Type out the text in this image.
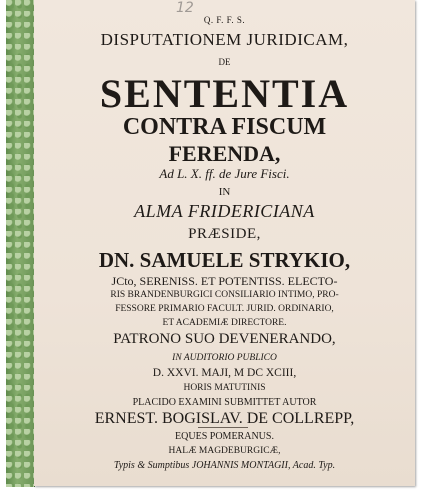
12
Q. F. F. S.
DISPUTATIONEM JURIDICAM,
DE
SENTENTIA
CONTRA FISCUM
FERENDA,
Ad L. X. ff. de Jure Fisci.
IN
ALMA FRIDERICIANA
PRÆSIDE,
DN. SAMUELE STRYKIO,
JCto, SERENISS. ET POTENTISS. ELECTO-
RIS BRANDENBURGICI CONSILIARIO INTIMO, PRO-
FESSORE PRIMARIO FACULT. JURID. ORDINARIO,
ET ACADEMIÆ DIRECTORE.
PATRONO SUO DEVENERANDO,
IN AUDITORIO PUBLICO
D. XXVI. MAJI, M DC XCIII,
HORIS MATUTINIS
PLACIDO EXAMINI SUBMITTET AUTOR
ERNEST. BOGISLAV. DE COLLREPP,
EQUES POMERANUS.
HALÆ MAGDEBURGICÆ,
Typis & Sumptibus JOHANNIS MONTAGII, Acad. Typ.
